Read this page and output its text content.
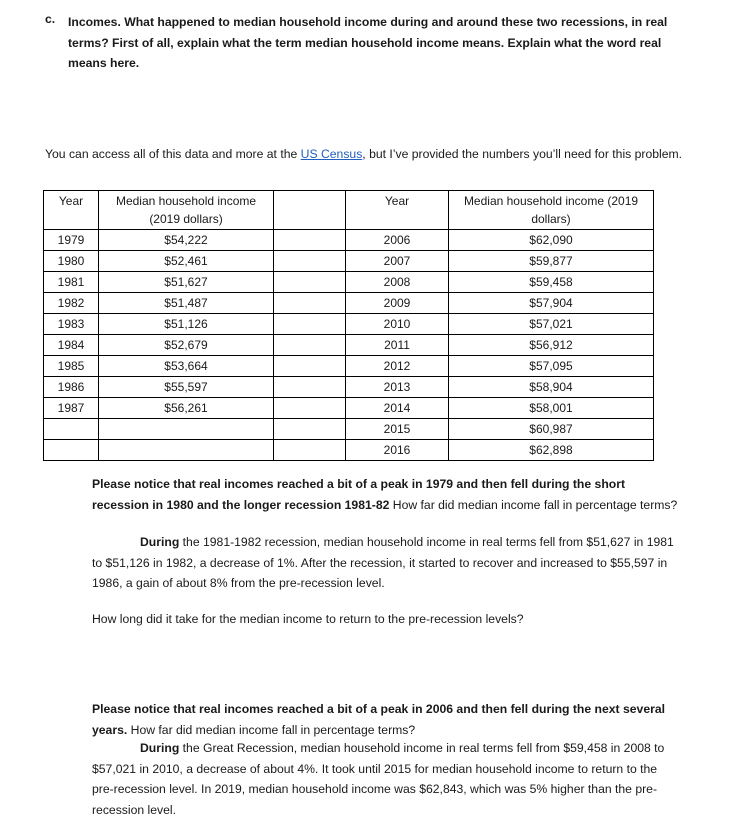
c. Incomes. What happened to median household income during and around these two recessions, in real terms? First of all, explain what the term median household income means. Explain what the word real means here.
You can access all of this data and more at the US Census, but I’ve provided the numbers you’ll need for this problem.
Year	Median household income (2019 dollars)		Year	Median household income (2019 dollars)
1979	$54,222		2006	$62,090
1980	$52,461		2007	$59,877
1981	$51,627		2008	$59,458
1982	$51,487		2009	$57,904
1983	$51,126		2010	$57,021
1984	$52,679		2011	$56,912
1985	$53,664		2012	$57,095
1986	$55,597		2013	$58,904
1987	$56,261		2014	$58,001
			2015	$60,987
			2016	$62,898
Please notice that real incomes reached a bit of a peak in 1979 and then fell during the short recession in 1980 and the longer recession 1981-82 How far did median income fall in percentage terms?
During the 1981-1982 recession, median household income in real terms fell from $51,627 in 1981 to $51,126 in 1982, a decrease of 1%. After the recession, it started to recover and increased to $55,597 in 1986, a gain of about 8% from the pre-recession level.
How long did it take for the median income to return to the pre-recession levels?
Please notice that real incomes reached a bit of a peak in 2006 and then fell during the next several years. How far did median income fall in percentage terms?
During the Great Recession, median household income in real terms fell from $59,458 in 2008 to $57,021 in 2010, a decrease of about 4%. It took until 2015 for median household income to return to the pre-recession level. In 2019, median household income was $62,843, which was 5% higher than the pre-recession level.
